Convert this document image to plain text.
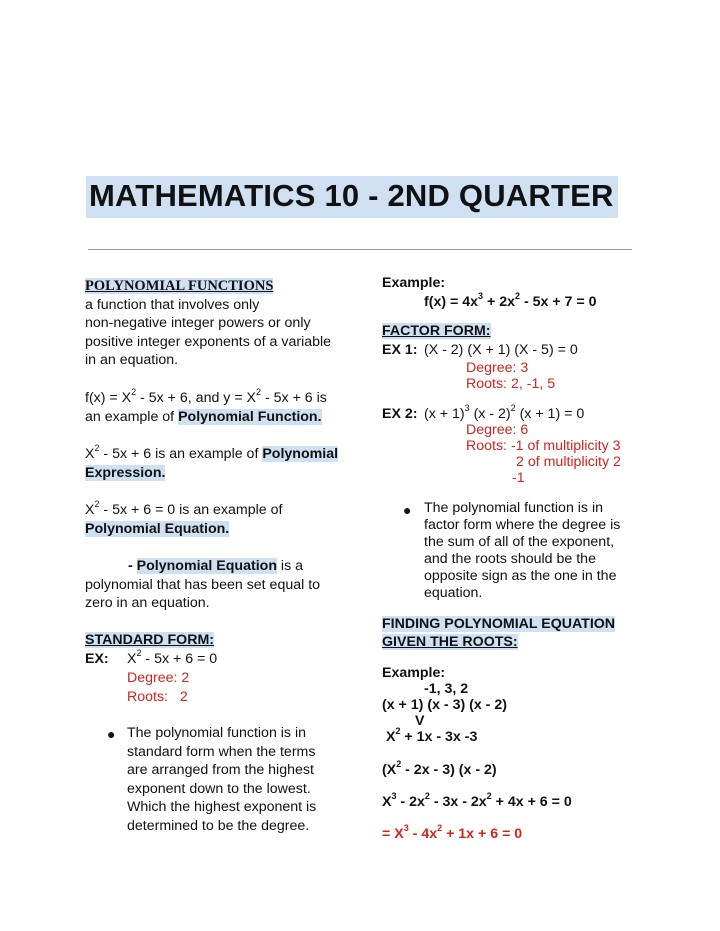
MATHEMATICS 10 - 2ND QUARTER

POLYNOMIAL FUNCTIONS

a function that involves only

non-negative integer powers or only

positive integer exponents of a variable

in an equation.

$f(x) = X^2 - 5x + 6$, and $y = X^2 - 5x + 6$ is

an example of Polynomial Function.

$X^2 - 5x + 6$ is an example of Polynomial

Expression.

$X^2 - 5x + 6 = 0$ is an example of

Polynomial Equation.

- Polynomial Equation is a

polynomial that has been set equal to

zero in an equation.

STANDARD FORM:

EX: $X^2 - 5x + 6 = 0$
Degree: 2
Roots:   2
● The polynomial function is in
standard form when the terms
are arranged from the highest
exponent down to the lowest.
Which the highest exponent is
determined to be the degree.
Example:
$f(x) = 4x^3 + 2x^2 - 5x + 7 = 0$
FACTOR FORM:
EX 1: (X - 2) (X + 1) (X - 5) = 0
Degree: 3
Roots: 2, -1, 5
EX 2: $(x + 1)^3$ (x - 2)$^2$ (x + 1) = 0
Degree: 6
Roots: -1 of multiplicity 3
2 of multiplicity 2
-1
● The polynomial function is in
factor form where the degree is
the sum of all of the exponent,
and the roots should be the
opposite sign as the one in the
equation.
FINDING POLYNOMIAL EQUATION
GIVEN THE ROOTS:
Example:
-1, 3, 2
(x + 1) (x - 3) (x - 2)
V
$X^2 + 1x - 3x$ -3
$(X^2 - 2x - 3)$ (x - 2)
$X^3 - 2x^2 - 3x - 2x^2 + 4x + 6 = 0$
= $X^3 - 4x^2 + 1x + 6 = 0$
